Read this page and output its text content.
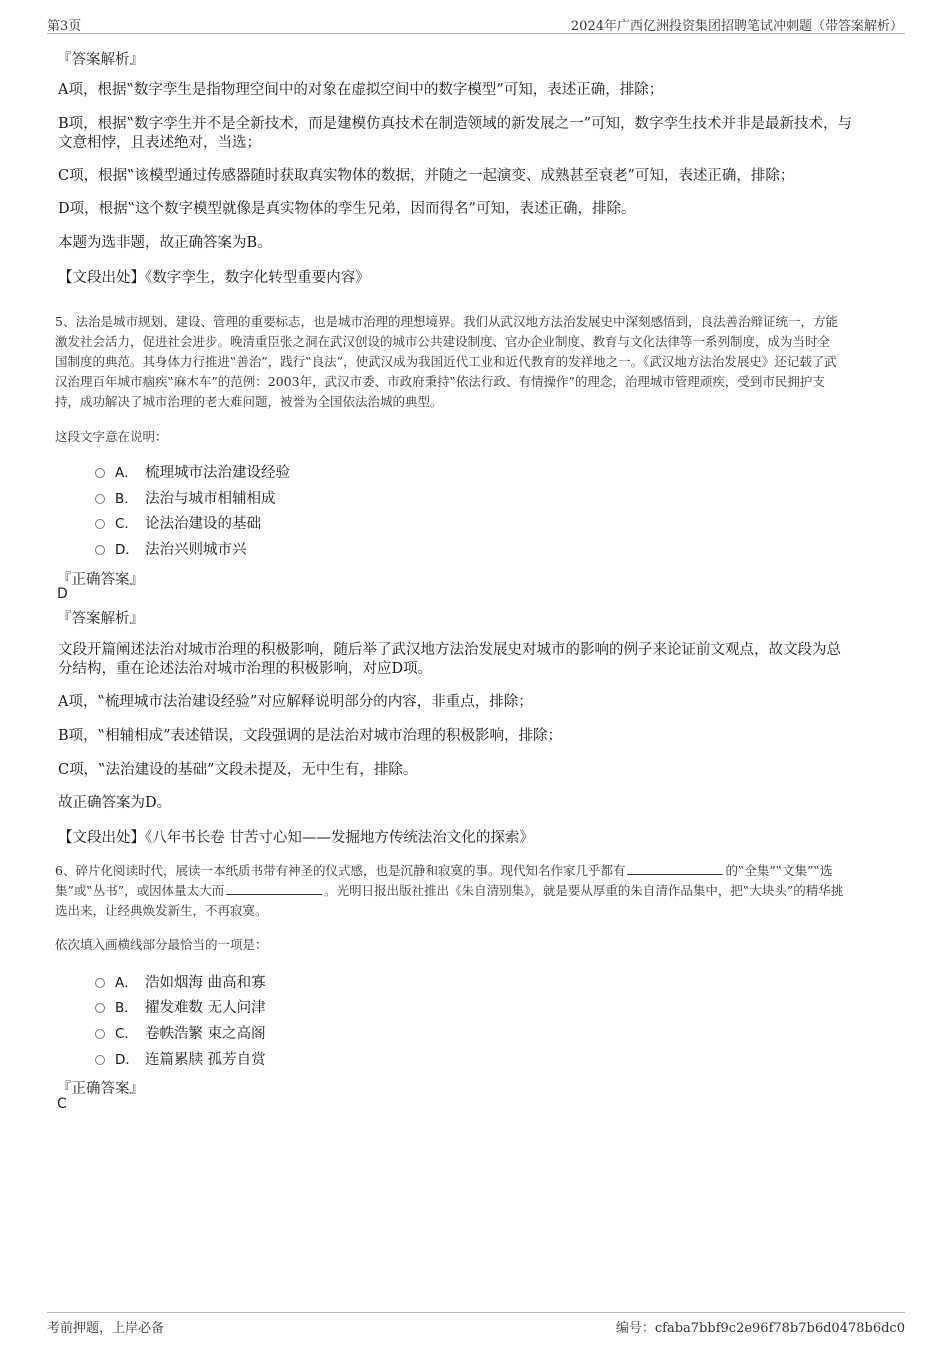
第3页	2024年广西亿洲投资集团招聘笔试冲刺题（带答案解析）
『答案解析』
A项，根据‟数字孪生是指物理空间中的对象在虚拟空间中的数字模型”可知，表述正确，排除；
B项，根据‟数字孪生并不是全新技术，而是建模仿真技术在制造领域的新发展之一”可知，数字孪生技术并非是最新技术，与
文意相悖，且表述绝对，当选；
C项，根据‟该模型通过传感器随时获取真实物体的数据，并随之一起演变、成熟甚至衰老”可知，表述正确，排除；
D项，根据‟这个数字模型就像是真实物体的孪生兄弟，因而得名”可知，表述正确，排除。
本题为选非题，故正确答案为B。
【文段出处】《数字孪生，数字化转型重要内容》
5、法治是城市规划、建设、管理的重要标志，也是城市治理的理想境界。我们从武汉地方法治发展史中深刻感悟到，良法善治辩证统一，方能
激发社会活力，促进社会进步。晚清重臣张之洞在武汉创设的城市公共建设制度、官办企业制度、教育与文化法律等一系列制度，成为当时全
国制度的典范。其身体力行推进‟善治”，践行‟良法”，使武汉成为我国近代工业和近代教育的发祥地之一。《武汉地方法治发展史》还记载了武
汉治理百年城市痼疾‟麻木车”的范例：2003年，武汉市委、市政府秉持‟依法行政、有情操作”的理念，治理城市管理顽疾，受到市民拥护支
持，成功解决了城市治理的老大难问题，被誉为全国依法治城的典型。
这段文字意在说明：
A． 梳理城市法治建设经验
B． 法治与城市相辅相成
C． 论法治建设的基础
D． 法治兴则城市兴
『正确答案』
D
『答案解析』
文段开篇阐述法治对城市治理的积极影响，随后举了武汉地方法治发展史对城市的影响的例子来论证前文观点，故文段为总
分结构，重在论述法治对城市治理的积极影响，对应D项。
A项，‟梳理城市法治建设经验”对应解释说明部分的内容，非重点，排除；
B项，‟相辅相成”表述错误，文段强调的是法治对城市治理的积极影响，排除；
C项，‟法治建设的基础”文段未提及，无中生有，排除。
故正确答案为D。
【文段出处】《八年书长卷 甘苦寸心知——发掘地方传统法治文化的探索》
6、碎片化阅读时代，展读一本纸质书带有神圣的仪式感，也是沉静和寂寞的事。现代知名作家几乎都有	的‟全集”‟文集”‟选
集”或‟丛书”，或因体量太大而	。光明日报出版社推出《朱自清别集》，就是要从厚重的朱自清作品集中，把‟大块头”的精华挑
选出来，让经典焕发新生，不再寂寞。
依次填入画横线部分最恰当的一项是：
A． 浩如烟海 曲高和寡
B． 擢发难数 无人问津
C． 卷帙浩繁 束之高阁
D． 连篇累牍 孤芳自赏
『正确答案』
C
考前押题，上岸必备	编号：cfaba7bbf9c2e96f78b7b6d0478b6dc0
